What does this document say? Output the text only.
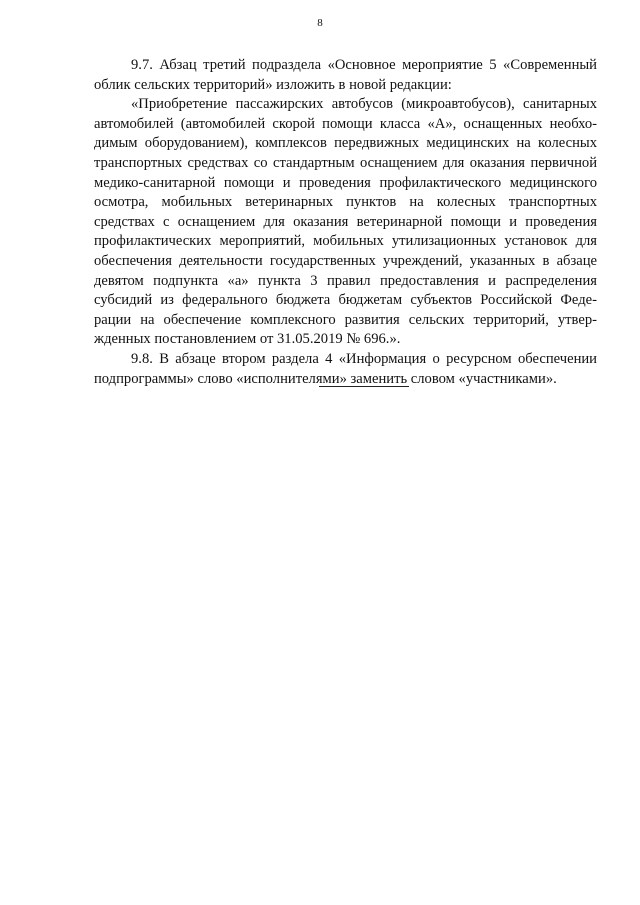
8

9.7. Абзац третий подраздела «Основное мероприятие 5 «Современный облик сельских территорий» изложить в новой редакции:

«Приобретение пассажирских автобусов (микроавтобусов), санитарных автомобилей (автомобилей скорой помощи класса «А», оснащенных необходимым оборудованием), комплексов передвижных медицинских на колесных транспортных средствах со стандартным оснащением для оказания первичной медико-санитарной помощи и проведения профилактического медицинского осмотра, мобильных ветеринарных пунктов на колесных транспортных средствах с оснащением для оказания ветеринарной помощи и проведения профилактических мероприятий, мобильных утилизационных установок для обеспечения деятельности государственных учреждений, указанных в абзаце девятом подпункта «а» пункта 3 правил предоставления и распределения субсидий из федерального бюджета бюджетам субъектов Российской Федерации на обеспечение комплексного развития сельских территорий, утвержденных постановлением от 31.05.2019 № 696.».

9.8. В абзаце втором раздела 4 «Информация о ресурсном обеспечении подпрограммы» слово «исполнителями» заменить словом «участниками».
